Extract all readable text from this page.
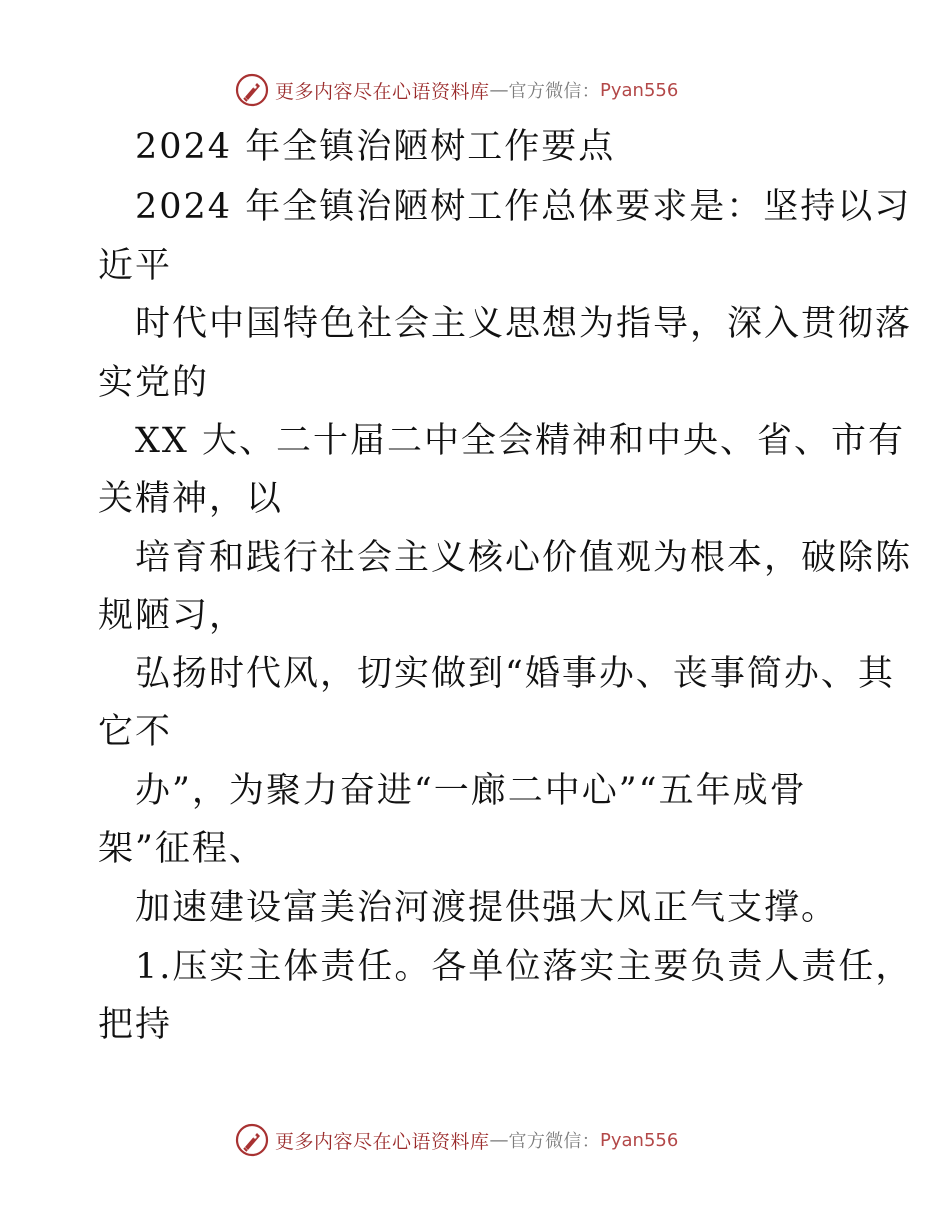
更多内容尽在心语资料库 — 官方微信： Pyan556
2024 年全镇治陋树工作要点
2024 年全镇治陋树工作总体要求是：坚持以习
近平
时代中国特色社会主义思想为指导，深入贯彻落
实党的
XX 大、二十届二中全会精神和中央、省、市有
关精神，以
培育和践行社会主义核心价值观为根本，破除陈
规陋习，
弘扬时代风，切实做到“婚事办、丧事简办、其
它不
办”，为聚力奋进“一廊二中心”“五年成骨
架”征程、
加速建设富美治河渡提供强大风正气支撑。
1.压实主体责任。各单位落实主要负责人责任，
把持
更多内容尽在心语资料库 — 官方微信： Pyan556
